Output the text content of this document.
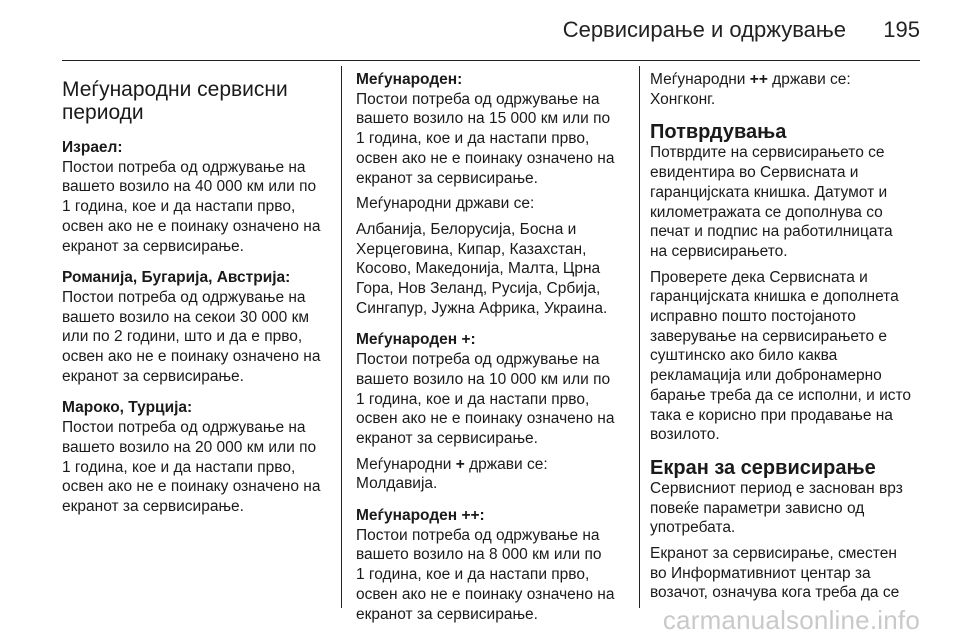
Сервисирање и одржување 195
Меѓународни сервисни
периоди
Израел:
Постои потреба од одржување на
вашето возило на 40 000 км или по
1 година, кое и да настапи прво,
освен ако не е поинаку означено на
екранот за сервисирање.
Романија, Бугарија, Австрија:
Постои потреба од одржување на
вашето возило на секои 30 000 км
или по 2 години, што и да е прво,
освен ако не е поинаку означено на
екранот за сервисирање.
Мароко, Турција:
Постои потреба од одржување на
вашето возило на 20 000 км или по
1 година, кое и да настапи прво,
освен ако не е поинаку означено на
екранот за сервисирање.
Меѓународен:
Постои потреба од одржување на
вашето возило на 15 000 км или по
1 година, кое и да настапи прво,
освен ако не е поинаку означено на
екранот за сервисирање.
Меѓународни држави се:
Албанија, Белорусија, Босна и
Херцеговина, Кипар, Казахстан,
Косово, Македонија, Малта, Црна
Гора, Нов Зеланд, Русија, Србија,
Сингапур, Јужна Африка, Украина.
Меѓународен +:
Постои потреба од одржување на
вашето возило на 10 000 км или по
1 година, кое и да настапи прво,
освен ако не е поинаку означено на
екранот за сервисирање.
Меѓународни + држави се:
Молдавија.
Меѓународен ++:
Постои потреба од одржување на
вашето возило на 8 000 км или по
1 година, кое и да настапи прво,
освен ако не е поинаку означено на
екранот за сервисирање.
Меѓународни ++ држави се:
Хонгконг.
Потврдувања
Потврдите на сервисирањето се
евидентира во Сервисната и
гаранцијската книшка. Датумот и
километражата се дополнува со
печат и подпис на работилницата
на сервисирањето.
Проверете дека Сервисната и
гаранцијската книшка е дополнета
исправно пошто постојаното
заверување на сервисирањето е
суштинско ако било каква
рекламација или добронамерно
барање треба да се исполни, и исто
така е корисно при продавање на
возилото.
Екран за сервисирање
Сервисниот период е заснован врз
повеќе параметри зависно од
употребата.
Екранот за сервисирање, сместен
во Информативниот центар за
возачот, означува кога треба да се
carmanualsonline.info
